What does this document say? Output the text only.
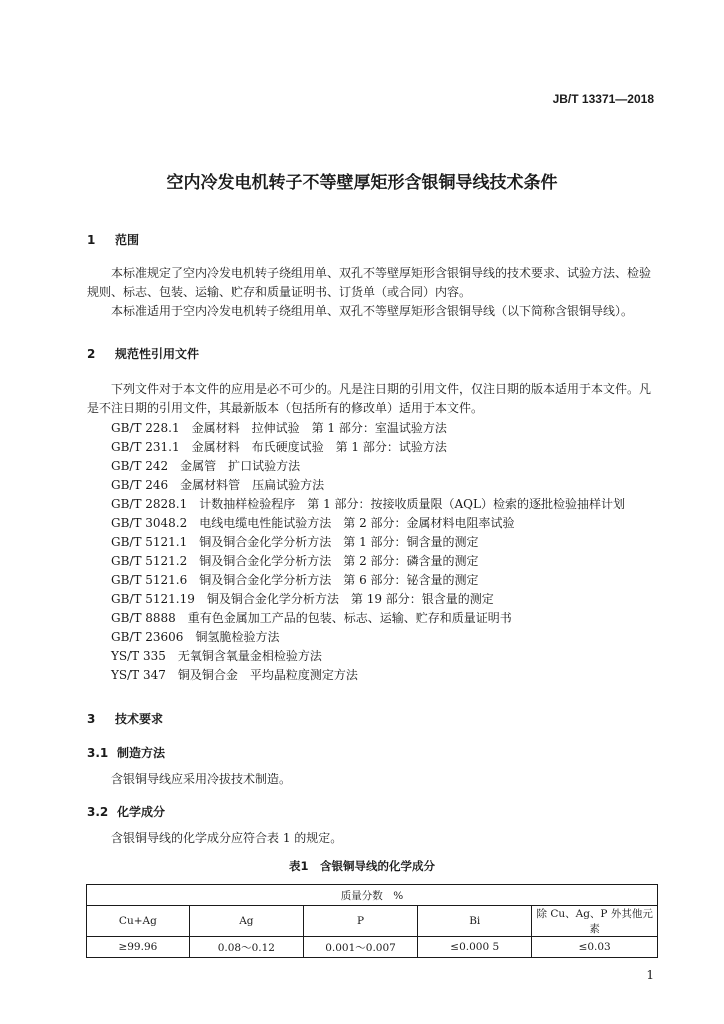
JB/T 13371—2018
空内冷发电机转子不等壁厚矩形含银铜导线技术条件
1 范围

本标准规定了空内冷发电机转子绕组用单、双孔不等壁厚矩形含银铜导线的技术要求、试验方法、检验规则、标志、包装、运输、贮存和质量证明书、订货单（或合同）内容。

本标准适用于空内冷发电机转子绕组用单、双孔不等壁厚矩形含银铜导线（以下简称含银铜导线）。

2 规范性引用文件

下列文件对于本文件的应用是必不可少的。凡是注日期的引用文件，仅注日期的版本适用于本文件。凡是不注日期的引用文件，其最新版本（包括所有的修改单）适用于本文件。

GB/T 228.1　金属材料　拉伸试验　第 1 部分：室温试验方法
GB/T 231.1　金属材料　布氏硬度试验　第 1 部分：试验方法
GB/T 242　金属管　扩口试验方法
GB/T 246　金属材料管　压扁试验方法
GB/T 2828.1　计数抽样检验程序　第 1 部分：按接收质量限（AQL）检索的逐批检验抽样计划
GB/T 3048.2　电线电缆电性能试验方法　第 2 部分：金属材料电阻率试验
GB/T 5121.1　铜及铜合金化学分析方法　第 1 部分：铜含量的测定
GB/T 5121.2　铜及铜合金化学分析方法　第 2 部分：磷含量的测定
GB/T 5121.6　铜及铜合金化学分析方法　第 6 部分：铋含量的测定
GB/T 5121.19　铜及铜合金化学分析方法　第 19 部分：银含量的测定
GB/T 8888　重有色金属加工产品的包装、标志、运输、贮存和质量证明书
GB/T 23606　铜氢脆检验方法
YS/T 335　无氧铜含氧量金相检验方法
YS/T 347　铜及铜合金　平均晶粒度测定方法
3 技术要求
3.1 制造方法

含银铜导线应采用冷拔技术制造。

3.2 化学成分

含银铜导线的化学成分应符合表 1 的规定。

表1　含银铜导线的化学成分
质量分数　%				
Cu+Ag	Ag	P	Bi	除 Cu、Ag、P 外其他元素
≥99.96	0.08～0.12	0.001～0.007	≤0.000 5	≤0.03
1
